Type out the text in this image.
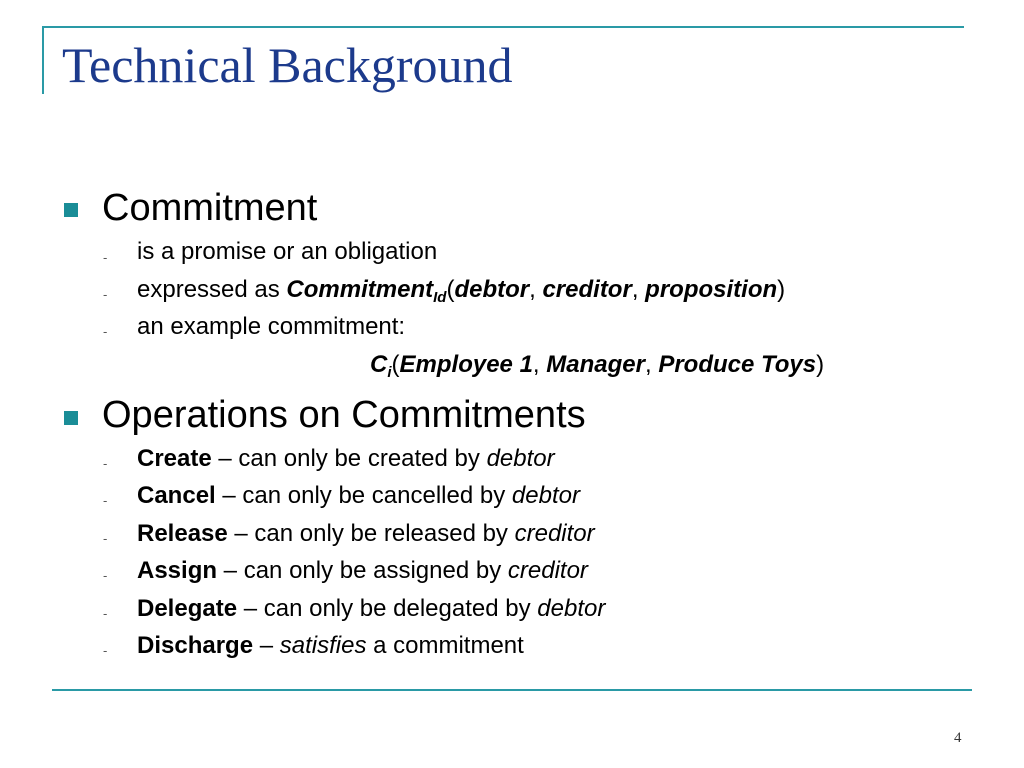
Technical Background
Commitment
- is a promise or an obligation
- expressed as Commitment$_{Id}$(debtor, creditor, proposition)
- an example commitment:
$C_i(Employee$ 1, Manager, Produce Toys)
Operations on Commitments
- Create – can only be created by debtor
- Cancel – can only be cancelled by debtor
- Release – can only be released by creditor
- Assign – can only be assigned by creditor
- Delegate – can only be delegated by debtor
- Discharge – satisfies a commitment
4
